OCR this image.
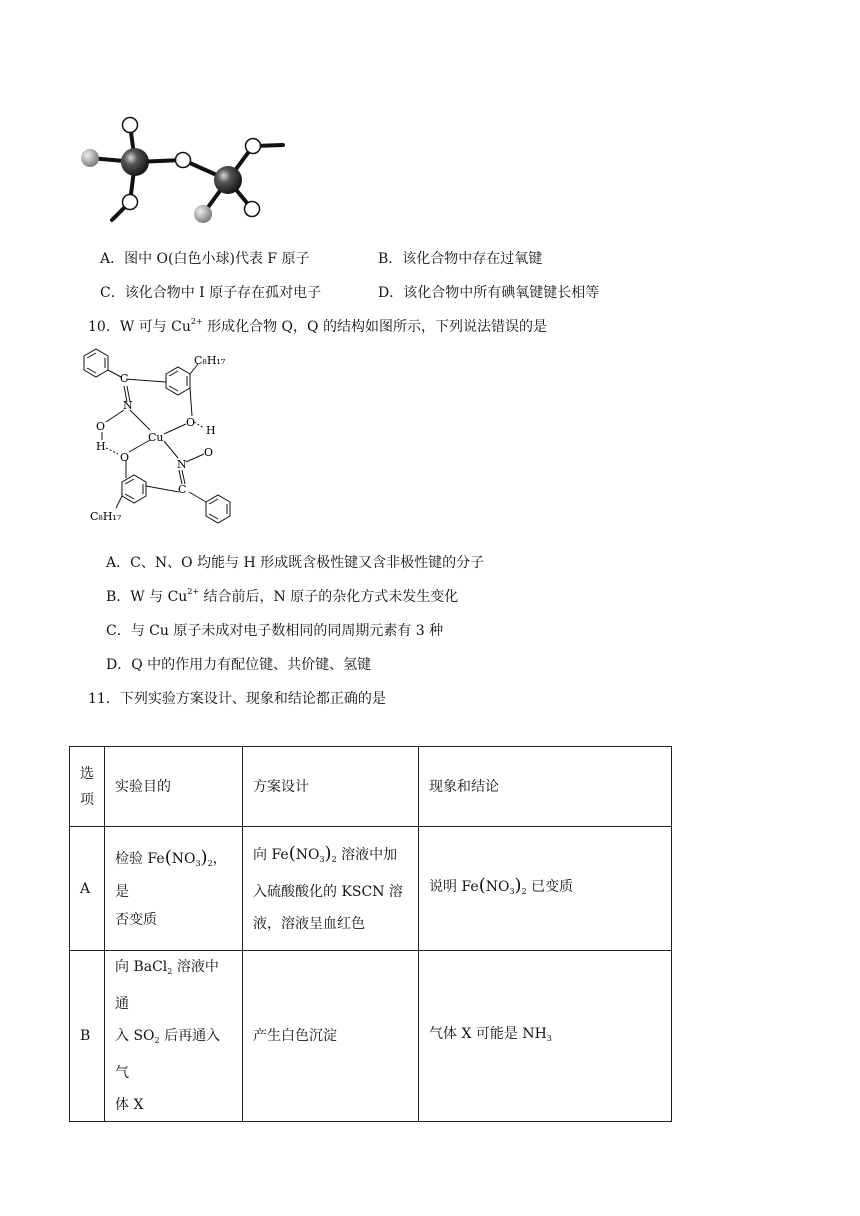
A．图中 O(白色小球)代表 F 原子	B．该化合物中存在过氧键
C．该化合物中 I 原子存在孤对电子	D．该化合物中所有碘氧键键长相等
10．W 可与 $Cu^{2+}$ 形成化合物 Q，Q 的结构如图所示，下列说法错误的是
C₈H₁₇
C
N
O
H
O
H
Cu
O
N
O
C
C₈H₁₇
A．C、N、O 均能与 H 形成既含极性键又含非极性键的分子
B．W 与 $Cu^{2+}$ 结合前后，N 原子的杂化方式未发生变化
C．与 Cu 原子未成对电子数相同的同周期元素有 3 种
D．Q 中的作用力有配位键、共价键、氢键
11．下列实验方案设计、现象和结论都正确的是
选
项	实验目的	方案设计	现象和结论
A	检验 $Fe(NO_3)_2$，是
否变质	向 $Fe(NO_3)_2$ 溶液中加
入硫酸酸化的 KSCN 溶
液，溶液呈血红色	说明 $Fe(NO_3)_2$ 已变质
B	向 BaCl$_2$ 溶液中通
入 $SO_2$ 后再通入气
体 X	产生白色沉淀	气体 X 可能是 $NH_3$
